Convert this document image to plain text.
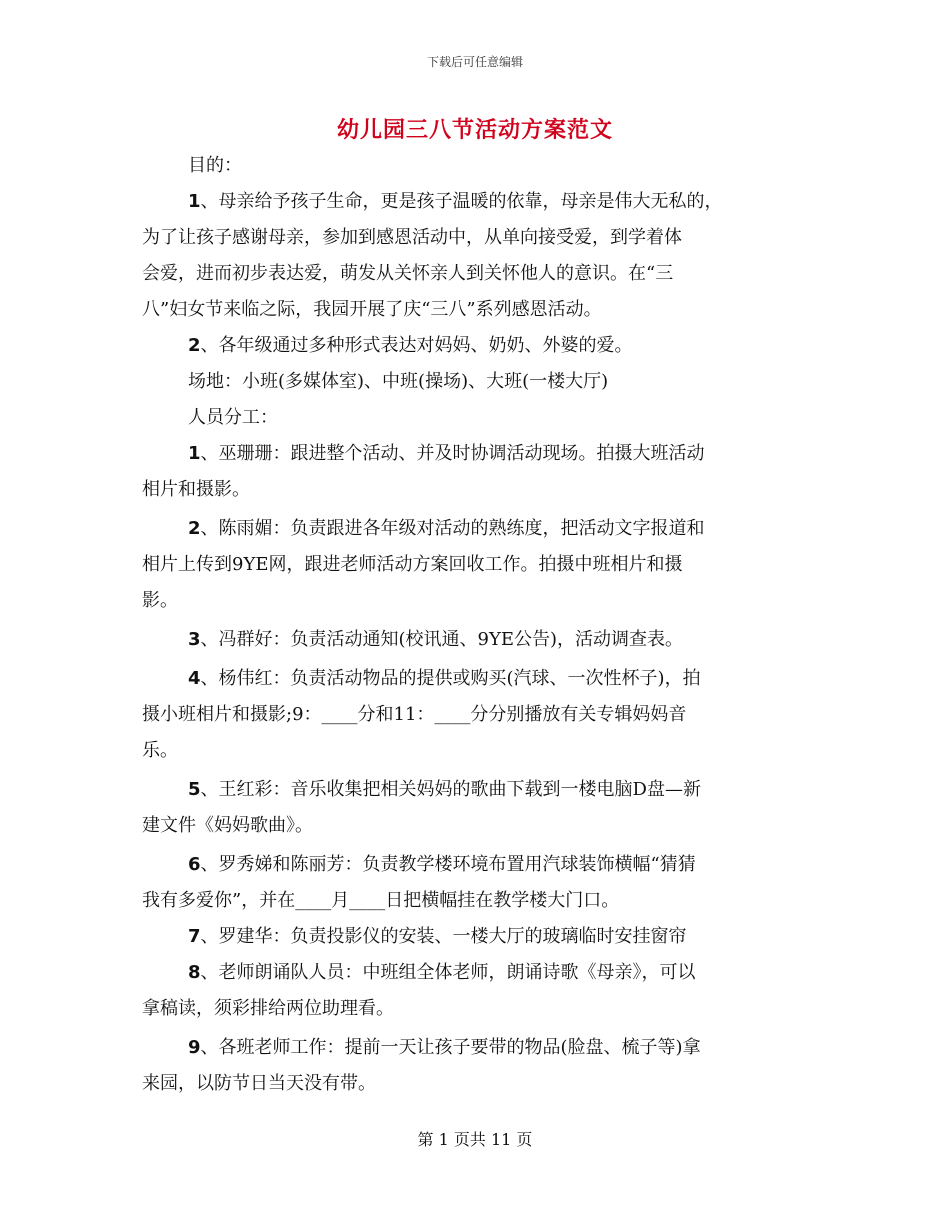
下载后可任意编辑
幼儿园三八节活动方案范文
目的：
1、母亲给予孩子生命，更是孩子温暖的依靠，母亲是伟大无私的，
为了让孩子感谢母亲，参加到感恩活动中，从单向接受爱，到学着体
会爱，进而初步表达爱，萌发从关怀亲人到关怀他人的意识。在“三
八”妇女节来临之际，我园开展了庆“三八”系列感恩活动。
2、各年级通过多种形式表达对妈妈、奶奶、外婆的爱。
场地：小班(多媒体室)、中班(操场)、大班(一楼大厅)
人员分工：
1、巫珊珊：跟进整个活动、并及时协调活动现场。拍摄大班活动
相片和摄影。
2、陈雨媚：负责跟进各年级对活动的熟练度，把活动文字报道和
相片上传到9YE网，跟进老师活动方案回收工作。拍摄中班相片和摄
影。
3、冯群好：负责活动通知(校讯通、9YE公告)，活动调查表。
4、杨伟红：负责活动物品的提供或购买(汽球、一次性杯子)，拍
摄小班相片和摄影;9：____分和11：____分分别播放有关专辑妈妈音
乐。
5、王红彩：音乐收集把相关妈妈的歌曲下载到一楼电脑D盘—新
建文件《妈妈歌曲》。
6、罗秀娣和陈丽芳：负责教学楼环境布置用汽球装饰横幅“猜猜
我有多爱你”，并在____月____日把横幅挂在教学楼大门口。
7、罗建华：负责投影仪的安装、一楼大厅的玻璃临时安挂窗帘
8、老师朗诵队人员：中班组全体老师，朗诵诗歌《母亲》，可以
拿稿读，须彩排给两位助理看。
9、各班老师工作：提前一天让孩子要带的物品(脸盘、梳子等)拿
来园，以防节日当天没有带。
第 1 页共 11 页
